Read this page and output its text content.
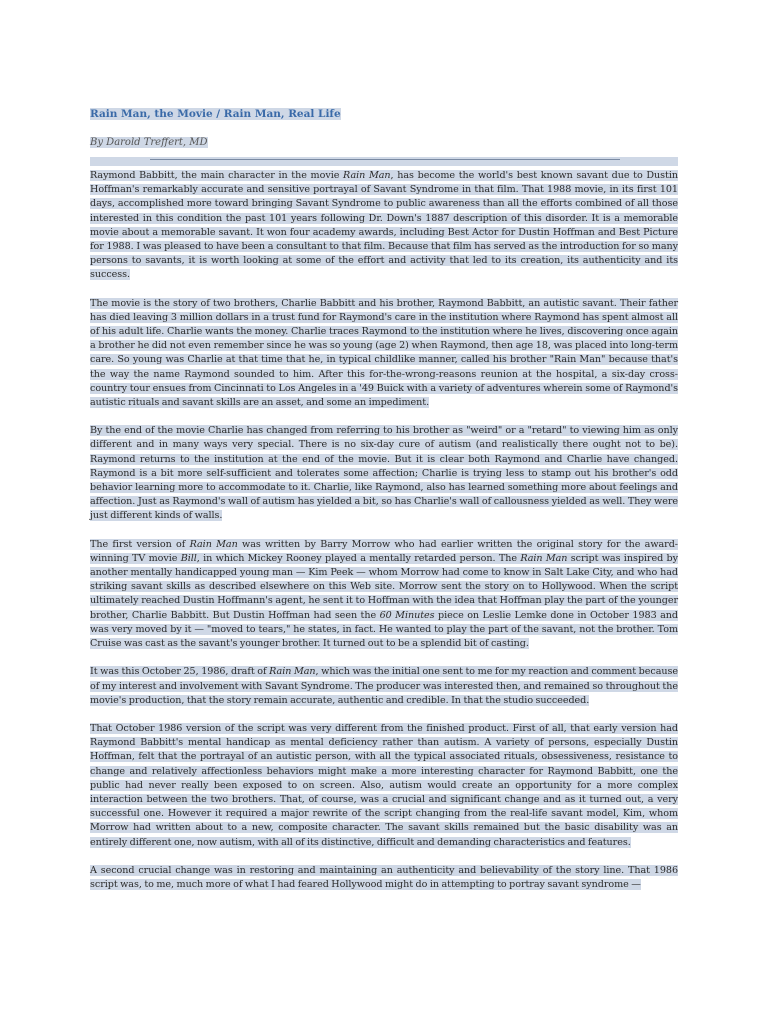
Rain Man, the Movie / Rain Man, Real Life
By Darold Treffert, MD

Raymond Babbitt, the main character in the movie Rain Man, has become the world's best known savant due to Dustin Hoffman's remarkably accurate and sensitive portrayal of Savant Syndrome in that film. That 1988 movie, in its first 101 days, accomplished more toward bringing Savant Syndrome to public awareness than all the efforts combined of all those interested in this condition the past 101 years following Dr. Down's 1887 description of this disorder. It is a memorable movie about a memorable savant. It won four academy awards, including Best Actor for Dustin Hoffman and Best Picture for 1988. I was pleased to have been a consultant to that film. Because that film has served as the introduction for so many persons to savants, it is worth looking at some of the effort and activity that led to its creation, its authenticity and its success.

The movie is the story of two brothers, Charlie Babbitt and his brother, Raymond Babbitt, an autistic savant. Their father has died leaving 3 million dollars in a trust fund for Raymond's care in the institution where Raymond has spent almost all of his adult life. Charlie wants the money. Charlie traces Raymond to the institution where he lives, discovering once again a brother he did not even remember since he was so young (age 2) when Raymond, then age 18, was placed into long-term care. So young was Charlie at that time that he, in typical childlike manner, called his brother "Rain Man" because that's the way the name Raymond sounded to him. After this for-the-wrong-reasons reunion at the hospital, a six-day cross-country tour ensues from Cincinnati to Los Angeles in a '49 Buick with a variety of adventures wherein some of Raymond's autistic rituals and savant skills are an asset, and some an impediment.

By the end of the movie Charlie has changed from referring to his brother as "weird" or a "retard" to viewing him as only different and in many ways very special. There is no six-day cure of autism (and realistically there ought not to be). Raymond returns to the institution at the end of the movie. But it is clear both Raymond and Charlie have changed. Raymond is a bit more self-sufficient and tolerates some affection; Charlie is trying less to stamp out his brother's odd behavior learning more to accommodate to it. Charlie, like Raymond, also has learned something more about feelings and affection. Just as Raymond's wall of autism has yielded a bit, so has Charlie's wall of callousness yielded as well. They were just different kinds of walls.

The first version of Rain Man was written by Barry Morrow who had earlier written the original story for the award-winning TV movie Bill, in which Mickey Rooney played a mentally retarded person. The Rain Man script was inspired by another mentally handicapped young man — Kim Peek — whom Morrow had come to know in Salt Lake City, and who had striking savant skills as described elsewhere on this Web site. Morrow sent the story on to Hollywood. When the script ultimately reached Dustin Hoffmann's agent, he sent it to Hoffman with the idea that Hoffman play the part of the younger brother, Charlie Babbitt. But Dustin Hoffman had seen the 60 Minutes piece on Leslie Lemke done in October 1983 and was very moved by it — "moved to tears," he states, in fact. He wanted to play the part of the savant, not the brother. Tom Cruise was cast as the savant's younger brother. It turned out to be a splendid bit of casting.

It was this October 25, 1986, draft of Rain Man, which was the initial one sent to me for my reaction and comment because of my interest and involvement with Savant Syndrome. The producer was interested then, and remained so throughout the movie's production, that the story remain accurate, authentic and credible. In that the studio succeeded.

That October 1986 version of the script was very different from the finished product. First of all, that early version had Raymond Babbitt's mental handicap as mental deficiency rather than autism. A variety of persons, especially Dustin Hoffman, felt that the portrayal of an autistic person, with all the typical associated rituals, obsessiveness, resistance to change and relatively affectionless behaviors might make a more interesting character for Raymond Babbitt, one the public had never really been exposed to on screen. Also, autism would create an opportunity for a more complex interaction between the two brothers. That, of course, was a crucial and significant change and as it turned out, a very successful one. However it required a major rewrite of the script changing from the real-life savant model, Kim, whom Morrow had written about to a new, composite character. The savant skills remained but the basic disability was an entirely different one, now autism, with all of its distinctive, difficult and demanding characteristics and features.

A second crucial change was in restoring and maintaining an authenticity and believability of the story line. That 1986 script was, to me, much more of what I had feared Hollywood might do in attempting to portray savant syndrome —
